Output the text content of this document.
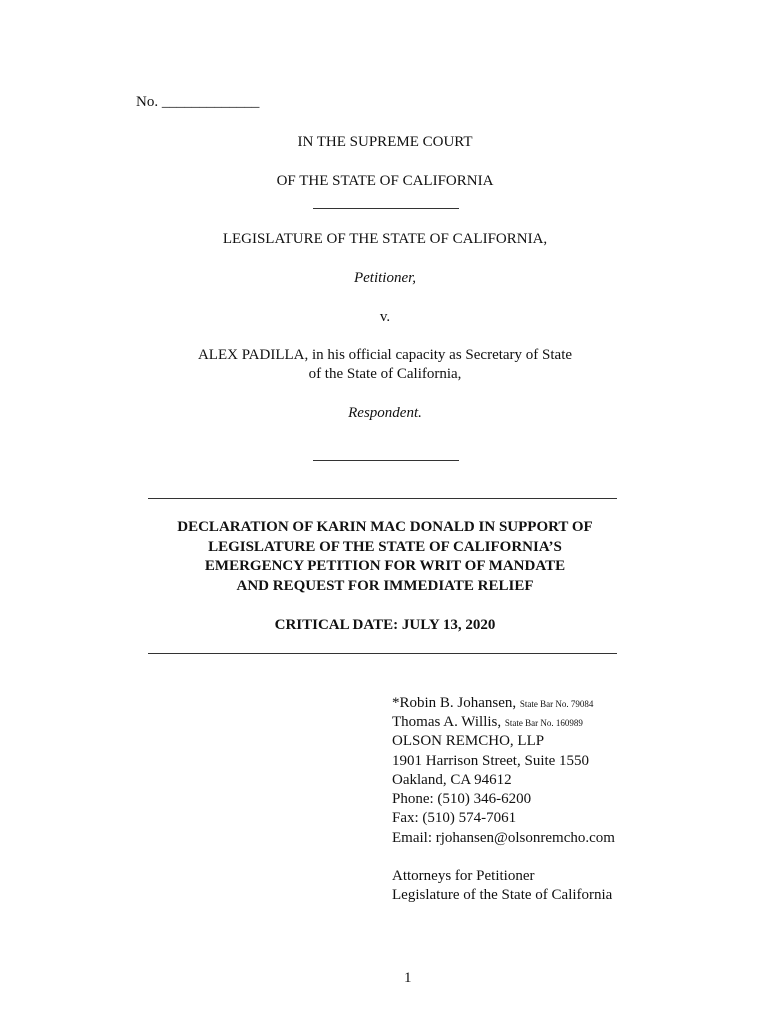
No. _____________
IN THE SUPREME COURT
OF THE STATE OF CALIFORNIA
LEGISLATURE OF THE STATE OF CALIFORNIA,
Petitioner,
v.
ALEX PADILLA, in his official capacity as Secretary of State
of the State of California,
Respondent.
DECLARATION OF KARIN MAC DONALD IN SUPPORT OF
LEGISLATURE OF THE STATE OF CALIFORNIA’S
EMERGENCY PETITION FOR WRIT OF MANDATE
AND REQUEST FOR IMMEDIATE RELIEF
CRITICAL DATE: JULY 13, 2020
*Robin B. Johansen, State Bar No. 79084
Thomas A. Willis, State Bar No. 160989
OLSON REMCHO, LLP
1901 Harrison Street, Suite 1550
Oakland, CA 94612
Phone: (510) 346-6200
Fax: (510) 574-7061
Email: rjohansen@olsonremcho.com
Attorneys for Petitioner
Legislature of the State of California
1
